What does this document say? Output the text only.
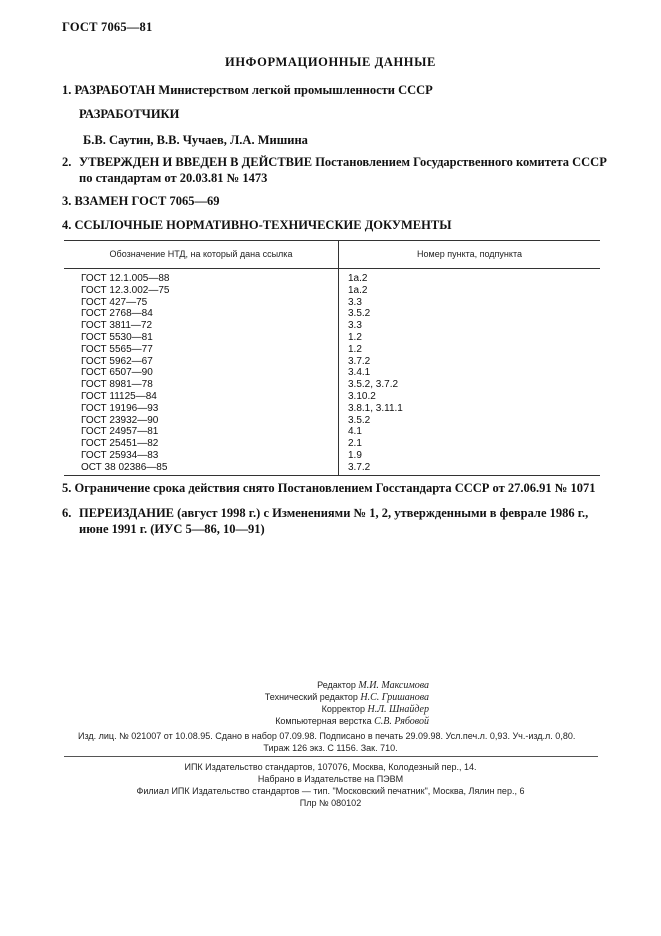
ГОСТ 7065—81
ИНФОРМАЦИОННЫЕ ДАННЫЕ
1. РАЗРАБОТАН Министерством легкой промышленности СССР
РАЗРАБОТЧИКИ
Б.В. Саутин, В.В. Чучаев, Л.А. Мишина
2. УТВЕРЖДЕН И ВВЕДЕН В ДЕЙСТВИЕ Постановлением Государственного комитета СССР по стандартам от 20.03.81 № 1473
3. ВЗАМЕН ГОСТ 7065—69
4. ССЫЛОЧНЫЕ НОРМАТИВНО-ТЕХНИЧЕСКИЕ ДОКУМЕНТЫ
Обозначение НТД, на который дана ссылка	Номер пункта, подпункта
ГОСТ 12.1.005—88
ГОСТ 12.3.002—75
ГОСТ 427—75
ГОСТ 2768—84
ГОСТ 3811—72
ГОСТ 5530—81
ГОСТ 5565—77
ГОСТ 5962—67
ГОСТ 6507—90
ГОСТ 8981—78
ГОСТ 11125—84
ГОСТ 19196—93
ГОСТ 23932—90
ГОСТ 24957—81
ГОСТ 25451—82
ГОСТ 25934—83
ОСТ 38 02386—85
1а.2
1а.2
3.3
3.5.2
3.3
1.2
1.2
3.7.2
3.4.1
3.5.2, 3.7.2
3.10.2
3.8.1, 3.11.1
3.5.2
4.1
2.1
1.9
3.7.2
5. Ограничение срока действия снято Постановлением Госстандарта СССР от 27.06.91 № 1071
6. ПЕРЕИЗДАНИЕ (август 1998 г.) с Изменениями № 1, 2, утвержденными в феврале 1986 г., июне 1991 г. (ИУС 5—86, 10—91)
Редактор М.И. Максимова
Технический редактор Н.С. Гришанова
Корректор Н.Л. Шнайдер
Компьютерная верстка С.В. Рябовой
Изд. лиц. № 021007 от 10.08.95. Сдано в набор 07.09.98. Подписано в печать 29.09.98. Усл.печ.л. 0,93. Уч.-изд.л. 0,80.
Тираж 126 экз. С 1156. Зак. 710.
ИПК Издательство стандартов, 107076, Москва, Колодезный пер., 14.
Набрано в Издательстве на ПЭВМ
Филиал ИПК Издательство стандартов — тип. "Московский печатник", Москва, Лялин пер., 6
Плр № 080102
